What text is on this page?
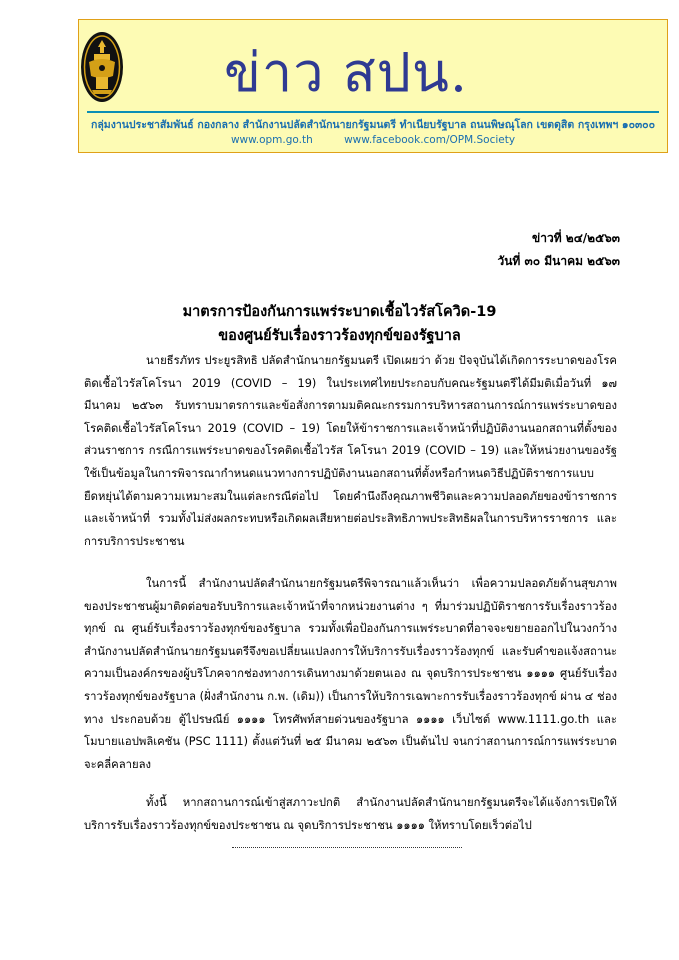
ข่าว สปน.
กลุ่มงานประชาสัมพันธ์ กองกลาง สำนักงานปลัดสำนักนายกรัฐมนตรี ทำเนียบรัฐบาล ถนนพิษณุโลก เขตดุสิต กรุงเทพฯ ๑๐๓๐๐
www.opm.go.th	www.facebook.com/OPM.Society
ข่าวที่ ๒๔/๒๕๖๓
วันที่ ๓๐ มีนาคม ๒๕๖๓
มาตรการป้องกันการแพร่ระบาดเชื้อไวรัสโควิด-19
ของศูนย์รับเรื่องราวร้องทุกข์ของรัฐบาล

นายธีรภัทร ประยูรสิทธิ ปลัดสำนักนายกรัฐมนตรี เปิดเผยว่า ด้วย ปัจจุบันได้เกิดการระบาดของโรคติดเชื้อไวรัสโคโรนา 2019 (COVID – 19) ในประเทศไทยประกอบกับคณะรัฐมนตรีได้มีมติเมื่อวันที่ ๑๗ มีนาคม ๒๕๖๓ รับทราบมาตรการและข้อสั่งการตามมติคณะกรรมการบริหารสถานการณ์การแพร่ระบาดของโรคติดเชื้อไวรัสโคโรนา 2019 (COVID – 19) โดยให้ข้าราชการและเจ้าหน้าที่ปฏิบัติงานนอกสถานที่ตั้งของส่วนราชการ กรณีการแพร่ระบาดของโรคติดเชื้อไวรัส โคโรนา 2019 (COVID – 19) และให้หน่วยงานของรัฐใช้เป็นข้อมูลในการพิจารณากำหนดแนวทางการปฏิบัติงานนอกสถานที่ตั้งหรือกำหนดวิธีปฏิบัติราชการแบบยืดหยุ่นได้ตามความเหมาะสมในแต่ละกรณีต่อไป โดยคำนึงถึงคุณภาพชีวิตและความปลอดภัยของข้าราชการและเจ้าหน้าที่ รวมทั้งไม่ส่งผลกระทบหรือเกิดผลเสียหายต่อประสิทธิภาพประสิทธิผลในการบริหารราชการ และการบริการประชาชน

ในการนี้ สำนักงานปลัดสำนักนายกรัฐมนตรีพิจารณาแล้วเห็นว่า เพื่อความปลอดภัยด้านสุขภาพของประชาชนผู้มาติดต่อขอรับบริการและเจ้าหน้าที่จากหน่วยงานต่าง ๆ ที่มาร่วมปฏิบัติราชการรับเรื่องราวร้องทุกข์ ณ ศูนย์รับเรื่องราวร้องทุกข์ของรัฐบาล รวมทั้งเพื่อป้องกันการแพร่ระบาดที่อาจจะขยายออกไปในวงกว้าง สำนักงานปลัดสำนักนายกรัฐมนตรีจึงขอเปลี่ยนแปลงการให้บริการรับเรื่องราวร้องทุกข์ และรับคำขอแจ้งสถานะความเป็นองค์กรของผู้บริโภคจากช่องทางการเดินทางมาด้วยตนเอง ณ จุดบริการประชาชน ๑๑๑๑ ศูนย์รับเรื่องราวร้องทุกข์ของรัฐบาล (ฝั่งสำนักงาน ก.พ. (เดิม)) เป็นการให้บริการเฉพาะการรับเรื่องราวร้องทุกข์ ผ่าน ๔ ช่องทาง ประกอบด้วย ตู้ไปรษณีย์ ๑๑๑๑ โทรศัพท์สายด่วนของรัฐบาล ๑๑๑๑ เว็บไซต์ www.1111.go.th และโมบายแอปพลิเคชัน (PSC 1111) ตั้งแต่วันที่ ๒๕ มีนาคม ๒๕๖๓ เป็นต้นไป จนกว่าสถานการณ์การแพร่ระบาดจะคลี่คลายลง

ทั้งนี้ หากสถานการณ์เข้าสู่สภาวะปกติ สำนักงานปลัดสำนักนายกรัฐมนตรีจะได้แจ้งการเปิดให้บริการรับเรื่องราวร้องทุกข์ของประชาชน ณ จุดบริการประชาชน ๑๑๑๑ ให้ทราบโดยเร็วต่อไป
